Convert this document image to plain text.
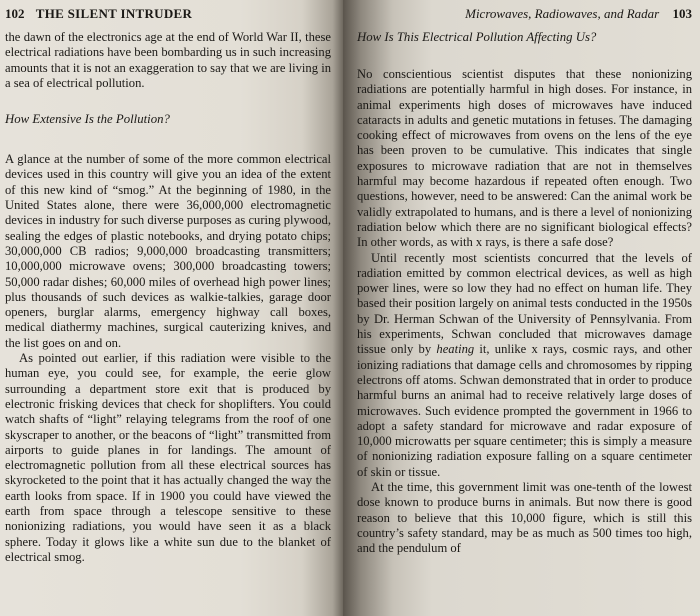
102 THE SILENT INTRUDER

the dawn of the electronics age at the end of World War II, these electrical radiations have been bombarding us in such increasing amounts that it is not an exaggeration to say that we are living in a sea of electrical pollution.

How Extensive Is the Pollution?

A glance at the number of some of the more common electrical devices used in this country will give you an idea of the extent of this new kind of “smog.” At the beginning of 1980, in the United States alone, there were 36,000,000 electromagnetic devices in industry for such diverse purposes as curing plywood, sealing the edges of plastic notebooks, and drying potato chips; 30,000,000 CB radios; 9,000,000 broadcasting transmitters; 10,000,000 microwave ovens; 300,000 broadcasting towers; 50,000 radar dishes; 60,000 miles of overhead high power lines; plus thousands of such devices as walkie-talkies, garage door openers, burglar alarms, emergency highway call boxes, medical diathermy machines, surgical cauterizing knives, and the list goes on and on.

As pointed out earlier, if this radiation were visible to the human eye, you could see, for example, the eerie glow surrounding a department store exit that is produced by electronic frisking devices that check for shoplifters. You could watch shafts of “light” relaying telegrams from the roof of one skyscraper to another, or the beacons of “light” transmitted from airports to guide planes in for landings. The amount of electromagnetic pollution from all these electrical sources has skyrocketed to the point that it has actually changed the way the earth looks from space. If in 1900 you could have viewed the earth from space through a telescope sensitive to these nonionizing radiations, you would have seen it as a black sphere. Today it glows like a white sun due to the blanket of electrical smog.

Microwaves, Radiowaves, and Radar 103
How Is This Electrical Pollution Affecting Us?

No conscientious scientist disputes that these nonionizing radiations are potentially harmful in high doses. For instance, in animal experiments high doses of microwaves have induced cataracts in adults and genetic mutations in fetuses. The damaging cooking effect of microwaves from ovens on the lens of the eye has been proven to be cumulative. This indicates that single exposures to microwave radiation that are not in themselves harmful may become hazardous if repeated often enough. Two questions, however, need to be answered: Can the animal work be validly extrapolated to humans, and is there a level of nonionizing radiation below which there are no significant biological effects? In other words, as with x rays, is there a safe dose?

Until recently most scientists concurred that the levels of radiation emitted by common electrical devices, as well as high power lines, were so low they had no effect on human life. They based their position largely on animal tests conducted in the 1950s by Dr. Herman Schwan of the University of Pennsylvania. From his experiments, Schwan concluded that microwaves damage tissue only by heating it, unlike x rays, cosmic rays, and other ionizing radiations that damage cells and chromosomes by ripping electrons off atoms. Schwan demonstrated that in order to produce harmful burns an animal had to receive relatively large doses of microwaves. Such evidence prompted the government in 1966 to adopt a safety standard for microwave and radar exposure of 10,000 microwatts per square centimeter; this is simply a measure of nonionizing radiation exposure falling on a square centimeter of skin or tissue.

At the time, this government limit was one-tenth of the lowest dose known to produce burns in animals. But now there is good reason to believe that this 10,000 figure, which is still this country’s safety standard, may be as much as 500 times too high, and the pendulum of
